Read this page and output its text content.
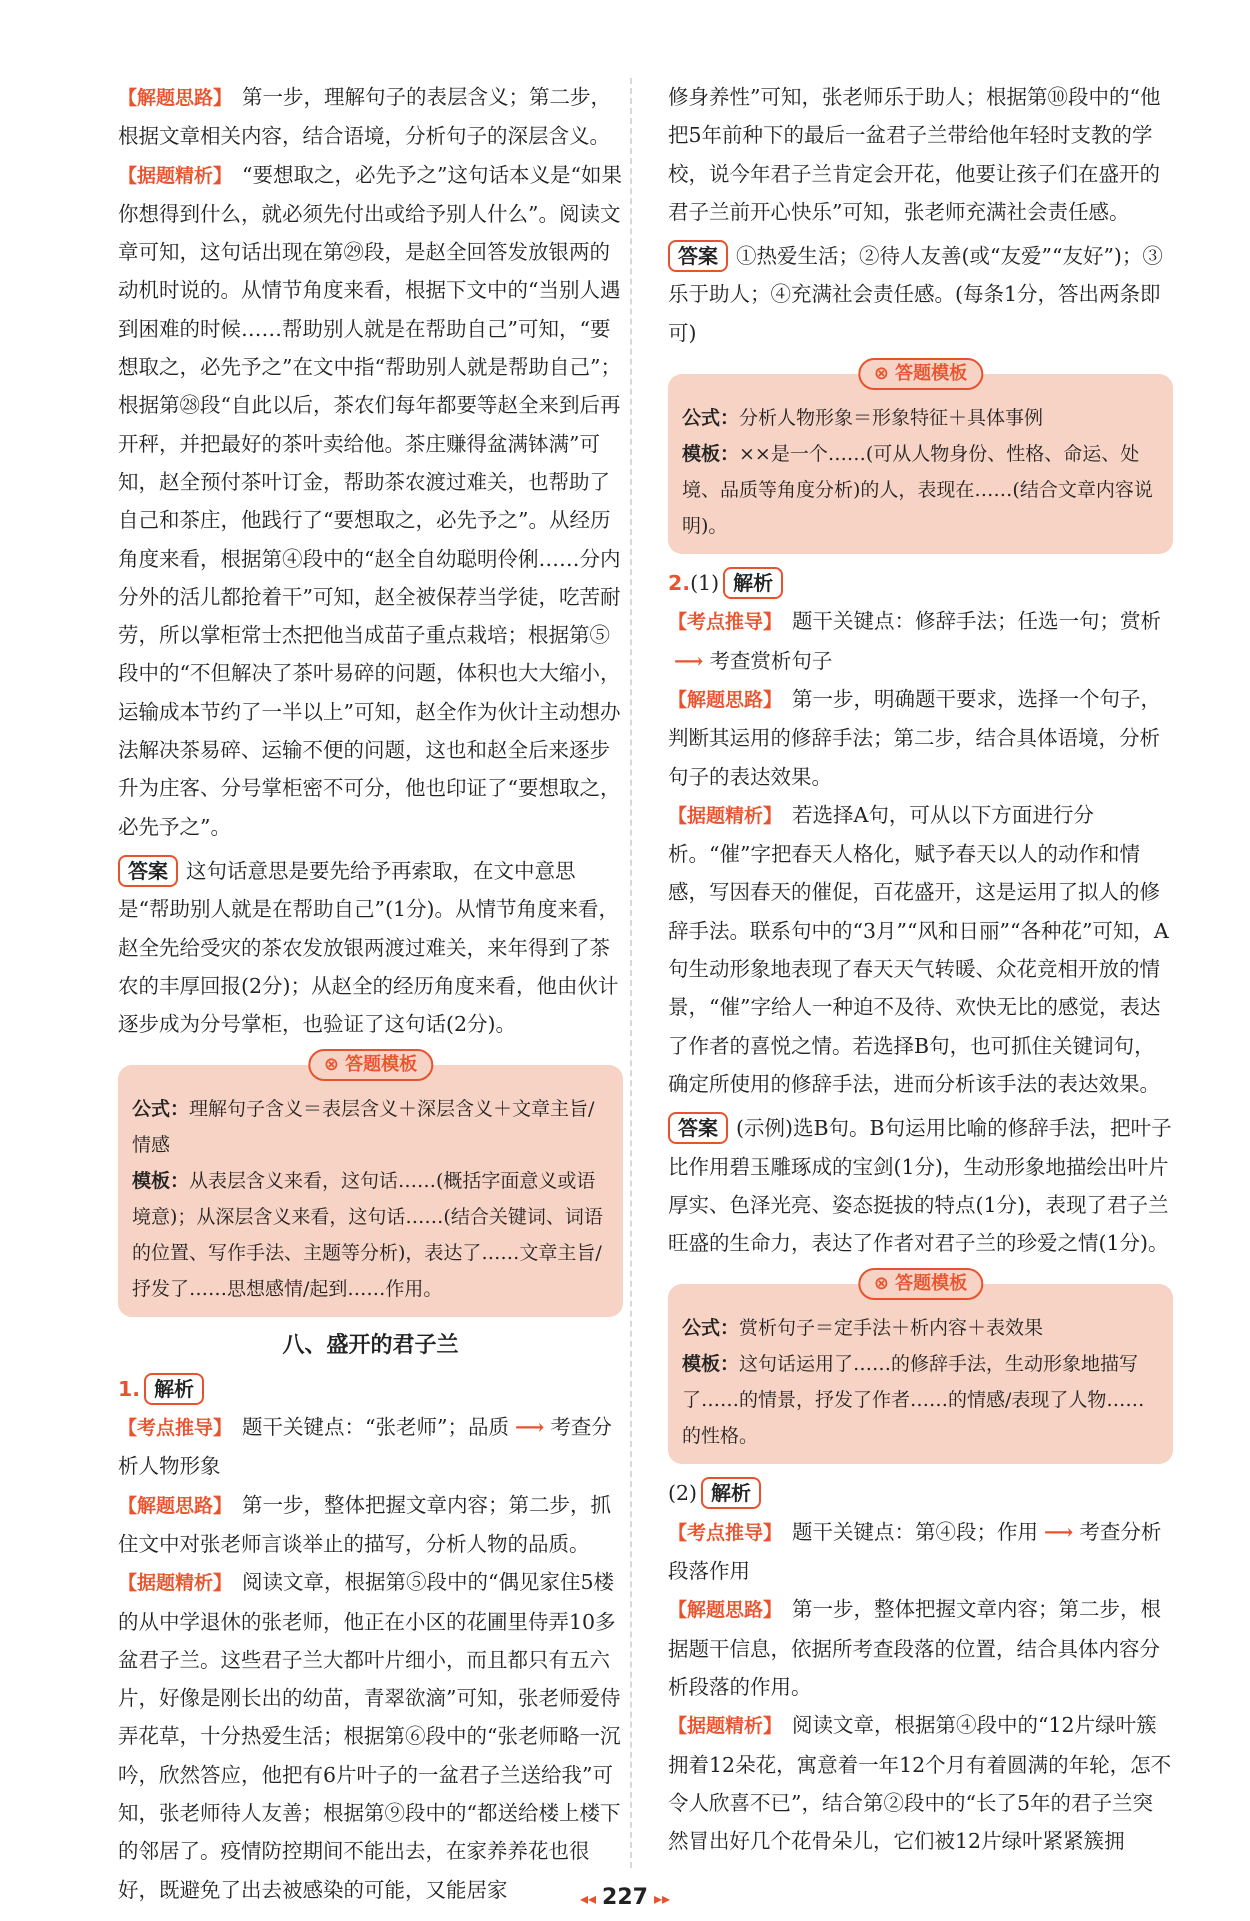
【解题思路】 第一步，理解句子的表层含义；第二步，根据文章相关内容，结合语境，分析句子的深层含义。

【据题精析】 “要想取之，必先予之”这句话本义是“如果你想得到什么，就必须先付出或给予别人什么”。阅读文章可知，这句话出现在第㉙段，是赵全回答发放银两的动机时说的。从情节角度来看，根据下文中的“当别人遇到困难的时候……帮助别人就是在帮助自己”可知，“要想取之，必先予之”在文中指“帮助别人就是帮助自己”；根据第㉘段“自此以后，茶农们每年都要等赵全来到后再开秤，并把最好的茶叶卖给他。茶庄赚得盆满钵满”可知，赵全预付茶叶订金，帮助茶农渡过难关，也帮助了自己和茶庄，他践行了“要想取之，必先予之”。从经历角度来看，根据第④段中的“赵全自幼聪明伶俐……分内分外的活儿都抢着干”可知，赵全被保荐当学徒，吃苦耐劳，所以掌柜常士杰把他当成苗子重点栽培；根据第⑤段中的“不但解决了茶叶易碎的问题，体积也大大缩小，运输成本节约了一半以上”可知，赵全作为伙计主动想办法解决茶易碎、运输不便的问题，这也和赵全后来逐步升为庄客、分号掌柜密不可分，他也印证了“要想取之，必先予之”。

答案 这句话意思是要先给予再索取，在文中意思是“帮助别人就是在帮助自己”(1分)。从情节角度来看，赵全先给受灾的茶农发放银两渡过难关，来年得到了茶农的丰厚回报(2分)；从赵全的经历角度来看，他由伙计逐步成为分号掌柜，也验证了这句话(2分)。

⊗ 答题模板

公式：理解句子含义＝表层含义＋深层含义＋文章主旨/情感

模板：从表层含义来看，这句话……(概括字面意义或语境意)；从深层含义来看，这句话……(结合关键词、词语的位置、写作手法、主题等分析)，表达了……文章主旨/抒发了……思想感情/起到……作用。

八、盛开的君子兰

1. 解析

【考点推导】 题干关键点：“张老师”；品质 ⟶ 考查分析人物形象

【解题思路】 第一步，整体把握文章内容；第二步，抓住文中对张老师言谈举止的描写，分析人物的品质。

【据题精析】 阅读文章，根据第⑤段中的“偶见家住5楼的从中学退休的张老师，他正在小区的花圃里侍弄10多盆君子兰。这些君子兰大都叶片细小，而且都只有五六片，好像是刚长出的幼苗，青翠欲滴”可知，张老师爱侍弄花草，十分热爱生活；根据第⑥段中的“张老师略一沉吟，欣然答应，他把有6片叶子的一盆君子兰送给我”可知，张老师待人友善；根据第⑨段中的“都送给楼上楼下的邻居了。疫情防控期间不能出去，在家养养花也很好，既避免了出去被感染的可能，又能居家

修身养性”可知，张老师乐于助人；根据第⑩段中的“他把5年前种下的最后一盆君子兰带给他年轻时支教的学校，说今年君子兰肯定会开花，他要让孩子们在盛开的君子兰前开心快乐”可知，张老师充满社会责任感。

答案 ①热爱生活；②待人友善(或“友爱”“友好”)；③乐于助人；④充满社会责任感。(每条1分，答出两条即可)

⊗ 答题模板

公式：分析人物形象＝形象特征＋具体事例

模板：××是一个……(可从人物身份、性格、命运、处境、品质等角度分析)的人，表现在……(结合文章内容说明)。

2.(1) 解析

【考点推导】 题干关键点：修辞手法；任选一句；赏析⟶ 考查赏析句子

【解题思路】 第一步，明确题干要求，选择一个句子，判断其运用的修辞手法；第二步，结合具体语境，分析句子的表达效果。

【据题精析】 若选择A句，可从以下方面进行分析。“催”字把春天人格化，赋予春天以人的动作和情感，写因春天的催促，百花盛开，这是运用了拟人的修辞手法。联系句中的“3月”“风和日丽”“各种花”可知，A句生动形象地表现了春天天气转暖、众花竞相开放的情景，“催”字给人一种迫不及待、欢快无比的感觉，表达了作者的喜悦之情。若选择B句，也可抓住关键词句，确定所使用的修辞手法，进而分析该手法的表达效果。

答案 (示例)选B句。B句运用比喻的修辞手法，把叶子比作用碧玉雕琢成的宝剑(1分)，生动形象地描绘出叶片厚实、色泽光亮、姿态挺拔的特点(1分)，表现了君子兰旺盛的生命力，表达了作者对君子兰的珍爱之情(1分)。

⊗ 答题模板

公式：赏析句子＝定手法＋析内容＋表效果

模板：这句话运用了……的修辞手法，生动形象地描写了……的情景，抒发了作者……的情感/表现了人物……的性格。

(2) 解析

【考点推导】 题干关键点：第④段；作用 ⟶ 考查分析段落作用

【解题思路】 第一步，整体把握文章内容；第二步，根据题干信息，依据所考查段落的位置，结合具体内容分析段落的作用。

【据题精析】 阅读文章，根据第④段中的“12片绿叶簇拥着12朵花，寓意着一年12个月有着圆满的年轮，怎不令人欣喜不已”，结合第②段中的“长了5年的君子兰突然冒出好几个花骨朵儿，它们被12片绿叶紧紧簇拥

◂◂ 227 ▸▸
